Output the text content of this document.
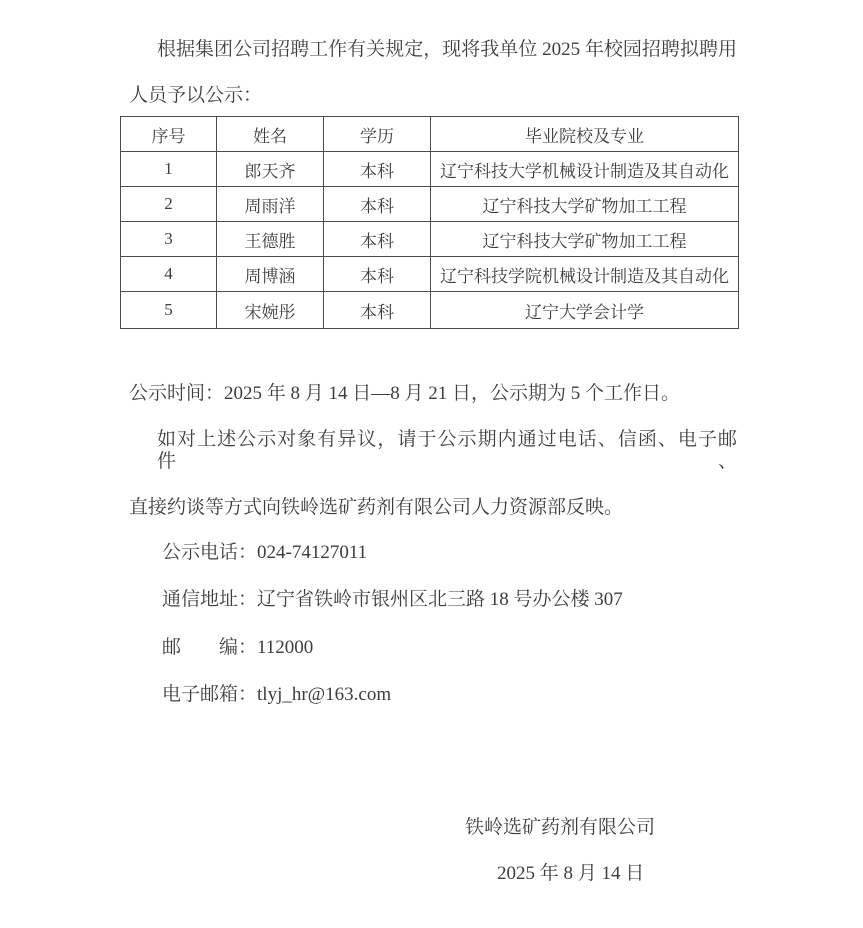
根据集团公司招聘工作有关规定，现将我单位 2025 年校园招聘拟聘用
人员予以公示：
序号	姓名	学历	毕业院校及专业
1	郎天齐	本科	辽宁科技大学机械设计制造及其自动化
2	周雨洋	本科	辽宁科技大学矿物加工工程
3	王德胜	本科	辽宁科技大学矿物加工工程
4	周博涵	本科	辽宁科技学院机械设计制造及其自动化
5	宋婉彤	本科	辽宁大学会计学
公示时间：2025 年 8 月 14 日—8 月 21 日，公示期为 5 个工作日。
如对上述公示对象有异议，请于公示期内通过电话、信函、电子邮件、
直接约谈等方式向铁岭选矿药剂有限公司人力资源部反映。
公示电话：024-74127011
通信地址：辽宁省铁岭市银州区北三路 18 号办公楼 307
邮　　编：112000
电子邮箱：tlyj_hr@163.com
铁岭选矿药剂有限公司
2025 年 8 月 14 日
